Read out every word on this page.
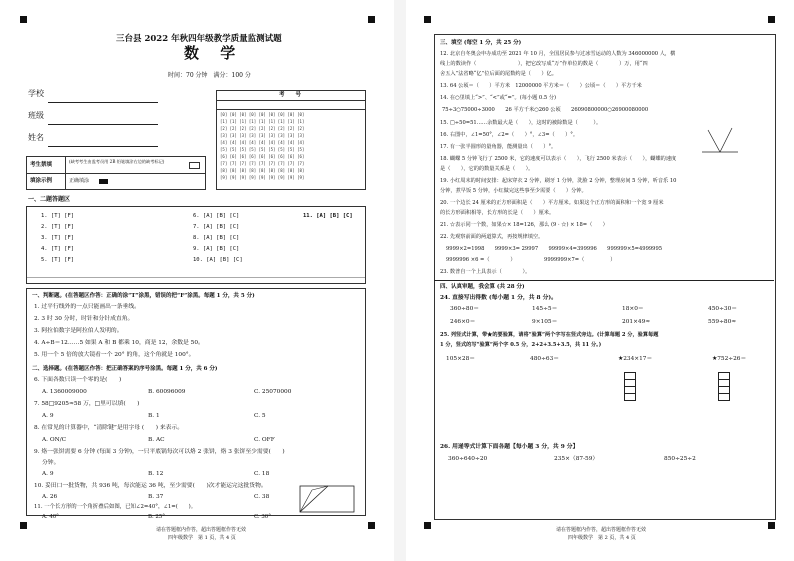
三台县 2022 年秋四年级教学质量监测试题
数 学
时间：70 分钟　满分：100 分
学校
班级
姓名
考　　号
[0] [0] [0] [0] [0] [0] [0] [0] [0]
[1] [1] [1] [1] [1] [1] [1] [1] [1]
[2] [2] [2] [2] [2] [2] [2] [2] [2]
[3] [3] [3] [3] [3] [3] [3] [3] [3]
[4] [4] [4] [4] [4] [4] [4] [4] [4]
[5] [5] [5] [5] [5] [5] [5] [5] [5]
[6] [6] [6] [6] [6] [6] [6] [6] [6]
[7] [7] [7] [7] [7] [7] [7] [7] [7]
[8] [8] [8] [8] [8] [8] [8] [8] [8]
[9] [9] [9] [9] [9] [9] [9] [9] [9]
考生禁填
(缺考考生由监考员用 2B 铅笔填涂右边的缺考标记)
填涂示例	正确填涂
一、二题答题区
1. [T] [F]
2. [T] [F]
3. [T] [F]
4. [T] [F]
5. [T] [F]
6. [A] [B] [C]
7. [A] [B] [C]
8. [A] [B] [C]
9. [A] [B] [C]
10. [A] [B] [C]
11. [A] [B] [C]
一、判断题。(在答题区作答：正确的涂“T”涂黑，错误的把“F”涂黑。每题 1 分，共 5 分)
1. 过平行线外的一点只能画出一条垂线。
2. 3 时 30 分时，时针和分针成直角。
3. 阿拉伯数字是阿拉伯人发明的。
4. A÷B＝12……5 如果 A 和 B 都乘 10，商是 12，余数是 50。
5. 用一个 5 倍的放大镜看一个 20° 的角，这个角就是 100°。
二、选择题。(在答题区作答：把正确答案的序号涂黑。每题 1 分，共 6 分)
6. 下面各数只读一个零的是(　　)
A. 1360009000	B. 60096009	C. 25070000
7. 58□9205≈58 万，□里可以填(　　)
A. 9	B. 1	C. 5
8. 在常见的计算器中，“清除键”是用字母 (　　) 来表示。
A. ON/C	B. AC	C. OFF
9. 烙一张饼需要 6 分钟 (每面 3 分钟)，一只平底锅每次可以烙 2 张饼，烙 3 张饼至少需要(　　)
分钟。
A. 9	B. 12	C. 18
10. 妥田口一批货物，共 936 吨，每次能运 36 吨，至少需要(　　)次才能运完这批货物。
A. 26	B. 37	C. 38
11. 一个长方形的一个角折叠后如图，已知∠2=40°，∠1=(　　)。
A. 40°	B. 25°	C. 30°
请在答题框内作答，超出答题框作答无效
四年级数学　第 1 页，共 4 页
三、填空 (每空 1 分，共 25 分)
12. 北京自冬奥会申办成功至 2021 年 10 月，全国居民参与过冰雪运动的人数为 346000000 人，横
线上的数读作（　　　　　　　　），把它改写成“万”作单位的数是（　　　　）万，用“四
舍五入”法省略“亿”位后面的尾数约是（　　）亿。
13. 64 公顷＝（　　）平方米　12000000 平方米＝（　　）公顷＝（　　）平方千米
14. 在○里填上“>”、“<”或“=”。(每小题 0.5 分)
75÷3○75000÷3000　　26 平方千米○260 公顷　　26090800000○26900080000
15. □÷50=51……余数最大是（　　），这时的被除数是（　　　）。
16. 右图中，∠1=50°，∠2=（　　）°，∠3=（　　）°。
17. 有一张半圆形的量角器，能测量出（　　）°。
18. 蝴蝶 5 分钟飞行了 2500 米，它的速度可以表示（　　），飞行 2500 米表示（　　），蝴蝶的速度
是（　　），它的的数量关系是（　　）。
19. 小红周末的时间安排：起床穿衣 2 分钟，刷牙 1 分钟，洗脸 2 分钟，整理房间 5 分钟，听音乐 10
分钟，煮早饭 5 分钟，小红做完这些事至少需要（　　）分钟。
20. 一个边长 24 厘米的正方形面积是（　　）平方厘米。如果这个正方形的面积和一个宽 9 厘米
的长方形面积相等，长方形的长是（　　）厘米。
21. ☆表示同一个数，如果☆× 18=126，那么 (9 · ☆) × 18=（　　）
22. 先观察前面的两道算式，再按规律填空。
9999×2=1998　　9999×3= 29997　　99999×4=399996　　999999×5=4999995
9999996 ×6 =（　　　　）　　　　　　9999999×7=（　　　　　）
23. 数普自一个上具表示（　　　　）。
四、认真审题，我会算 (共 28 分)
24. 直接写出得数 (每小题 1 分，共 8 分)。
360÷80＝	145÷5＝	18×0＝	450÷30＝
246×0＝	9×105＝	201×49≈	559÷80≈
25. 列竖式计算，带★的要验算，请将“验算”两个字写在竖式旁边。(计算每题 2 分，验算每题
1 分，竖式的写“验算”两个字 0.5 分，2+2+3.5+3.5，共 11 分。)
105×28＝	480÷63＝	★234×17＝	★752÷26＝
26. 用递等式计算下面各题【每小题 3 分，共 9 分】
360÷640÷20	235×（87-59）	850÷25÷2
请在答题框内作答，超出答题框作答无效
四年级数学　第 2 页，共 4 页
